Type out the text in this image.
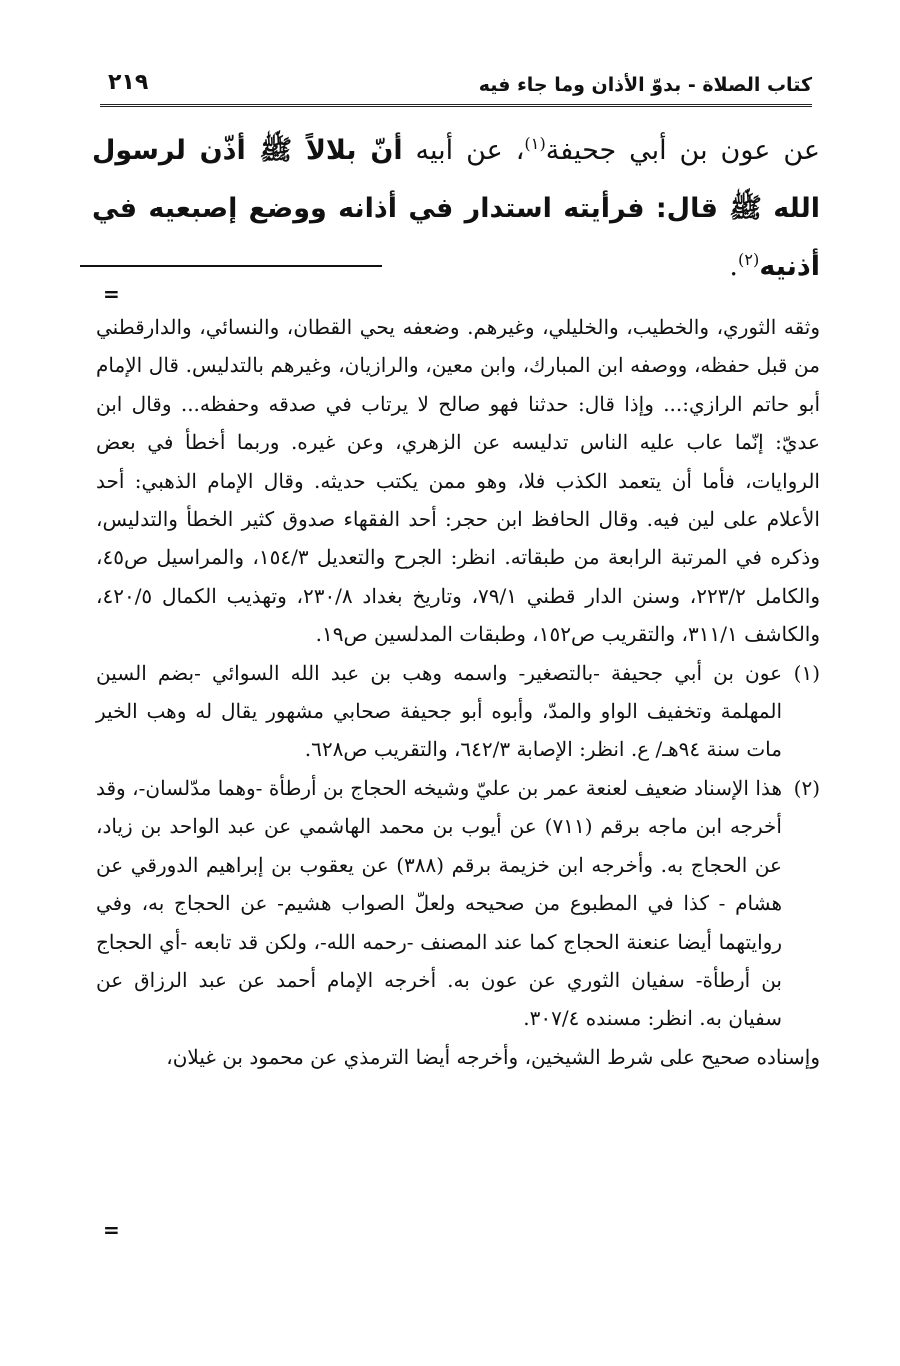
كتاب الصلاة - بدوّ الأذان وما جاء فيه
٢١٩

عن عون بن أبي جحيفة$^{(١)}$، عن أبيه أنّ بلالاً ﷺ أذّن لرسول الله ﷺ قال: فرأيته استدار في أذانه ووضع إصبعيه في أذنيه$^{(٢)}$.

=

وثقه الثوري، والخطيب، والخليلي، وغيرهم. وضعفه يحي القطان، والنسائي، والدارقطني من قبل حفظه، ووصفه ابن المبارك، وابن معين، والرازيان، وغيرهم بالتدليس. قال الإمام أبو حاتم الرازي:... وإذا قال: حدثنا فهو صالح لا يرتاب في صدقه وحفظه... وقال ابن عديّ: إنّما عاب عليه الناس تدليسه عن الزهري، وعن غيره. وربما أخطأ في بعض الروايات، فأما أن يتعمد الكذب فلا، وهو ممن يكتب حديثه. وقال الإمام الذهبي: أحد الأعلام على لين فيه. وقال الحافظ ابن حجر: أحد الفقهاء صدوق كثير الخطأ والتدليس، وذكره في المرتبة الرابعة من طبقاته. انظر: الجرح والتعديل ١٥٤/٣، والمراسيل ص٤٥، والكامل ٢٢٣/٢، وسنن الدار قطني ٧٩/١، وتاريخ بغداد ٢٣٠/٨، وتهذيب الكمال ٤٢٠/٥، والكاشف ٣١١/١، والتقريب ص١٥٢، وطبقات المدلسين ص١٩.

(١)
عون بن أبي جحيفة -بالتصغير- واسمه وهب بن عبد الله السوائي -بضم السين المهلمة وتخفيف الواو والمدّ، وأبوه أبو جحيفة صحابي مشهور يقال له وهب الخير مات سنة ٩٤هـ/ ع. انظر: الإصابة ٦٤٢/٣، والتقريب ص٦٢٨.
(٢)
هذا الإسناد ضعيف لعنعة عمر بن عليّ وشيخه الحجاج بن أرطأة -وهما مدّلسان-، وقد أخرجه ابن ماجه برقم (٧١١) عن أيوب بن محمد الهاشمي عن عبد الواحد بن زياد، عن الحجاج به. وأخرجه ابن خزيمة برقم (٣٨٨) عن يعقوب بن إبراهيم الدورقي عن هشام - كذا في المطبوع من صحيحه ولعلّ الصواب هشيم- عن الحجاج به، وفي روايتهما أيضا عنعنة الحجاج كما عند المصنف -رحمه الله-، ولكن قد تابعه -أي الحجاج بن أرطأة- سفيان الثوري عن عون به. أخرجه الإمام أحمد عن عبد الرزاق عن سفيان به. انظر: مسنده ٣٠٧/٤.

وإسناده صحيح على شرط الشيخين، وأخرجه أيضا الترمذي عن محمود بن غيلان،

=
